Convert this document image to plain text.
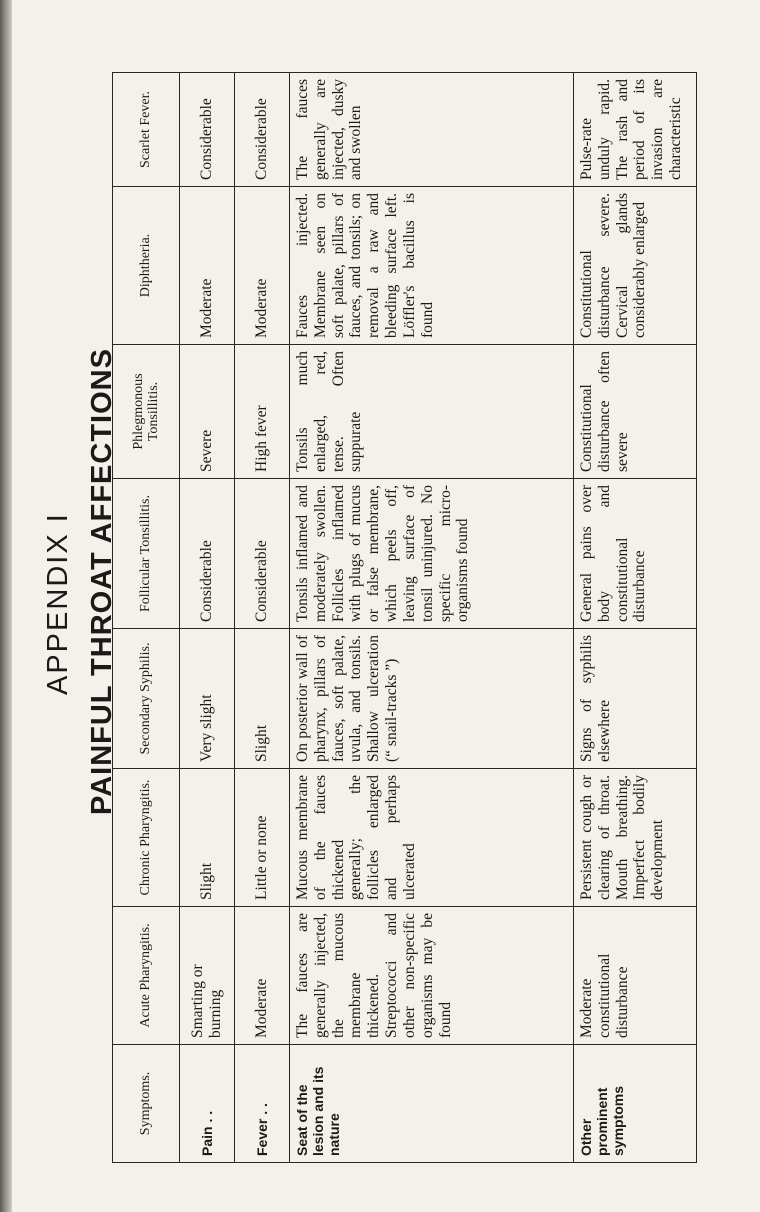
APPENDIX I PAINFUL THROAT AFFECTIONS
Symptoms.	Acute Pharyngitis.	Chronic Pharyngitis.	Secondary Syphilis.	Follicular Tonsillitis.	Phlegmonous Tonsillitis.	Diphtheria.	Scarlet Fever.
Pain . .	Smarting or burning	Slight	Very slight	Considerable	Severe	Moderate	Considerable
Fever . .	Moderate	Little or none	Slight	Considerable	High fever	Moderate	Considerable
Seat of the lesion and its nature	The fauces are generally injected, the mucous membrane thickened. Streptococci and other non-specific organisms may be found	Mucous membrane of the fauces thickened generally; the follicles enlarged and perhaps ulcerated	On posterior wall of pharynx, pillars of fauces, soft palate, uvula, and tonsils. Shallow ulceration (“ snail-tracks ”)	Tonsils inflamed and moderately swollen. Follicles inflamed with plugs of mucus or false membrane, which peels off, leaving surface of tonsil uninjured. No specific micro-organisms found	Tonsils much enlarged, red, tense. Often suppurate	Fauces injected. Membrane seen on soft palate, pillars of fauces, and tonsils; on removal a raw and bleeding surface left. Löffler's bacillus is found	The fauces generally are injected, dusky and swollen
Other prominent symptoms	Moderate constitutional disturbance	Persistent cough or clearing of throat. Mouth breathing. Imperfect bodily development	Signs of syphilis elsewhere	General pains over body and constitutional disturbance	Constitutional disturbance often severe	Constitutional disturbance severe. Cervical glands considerably enlarged	Pulse-rate unduly rapid. The rash and period of its invasion are characteristic
